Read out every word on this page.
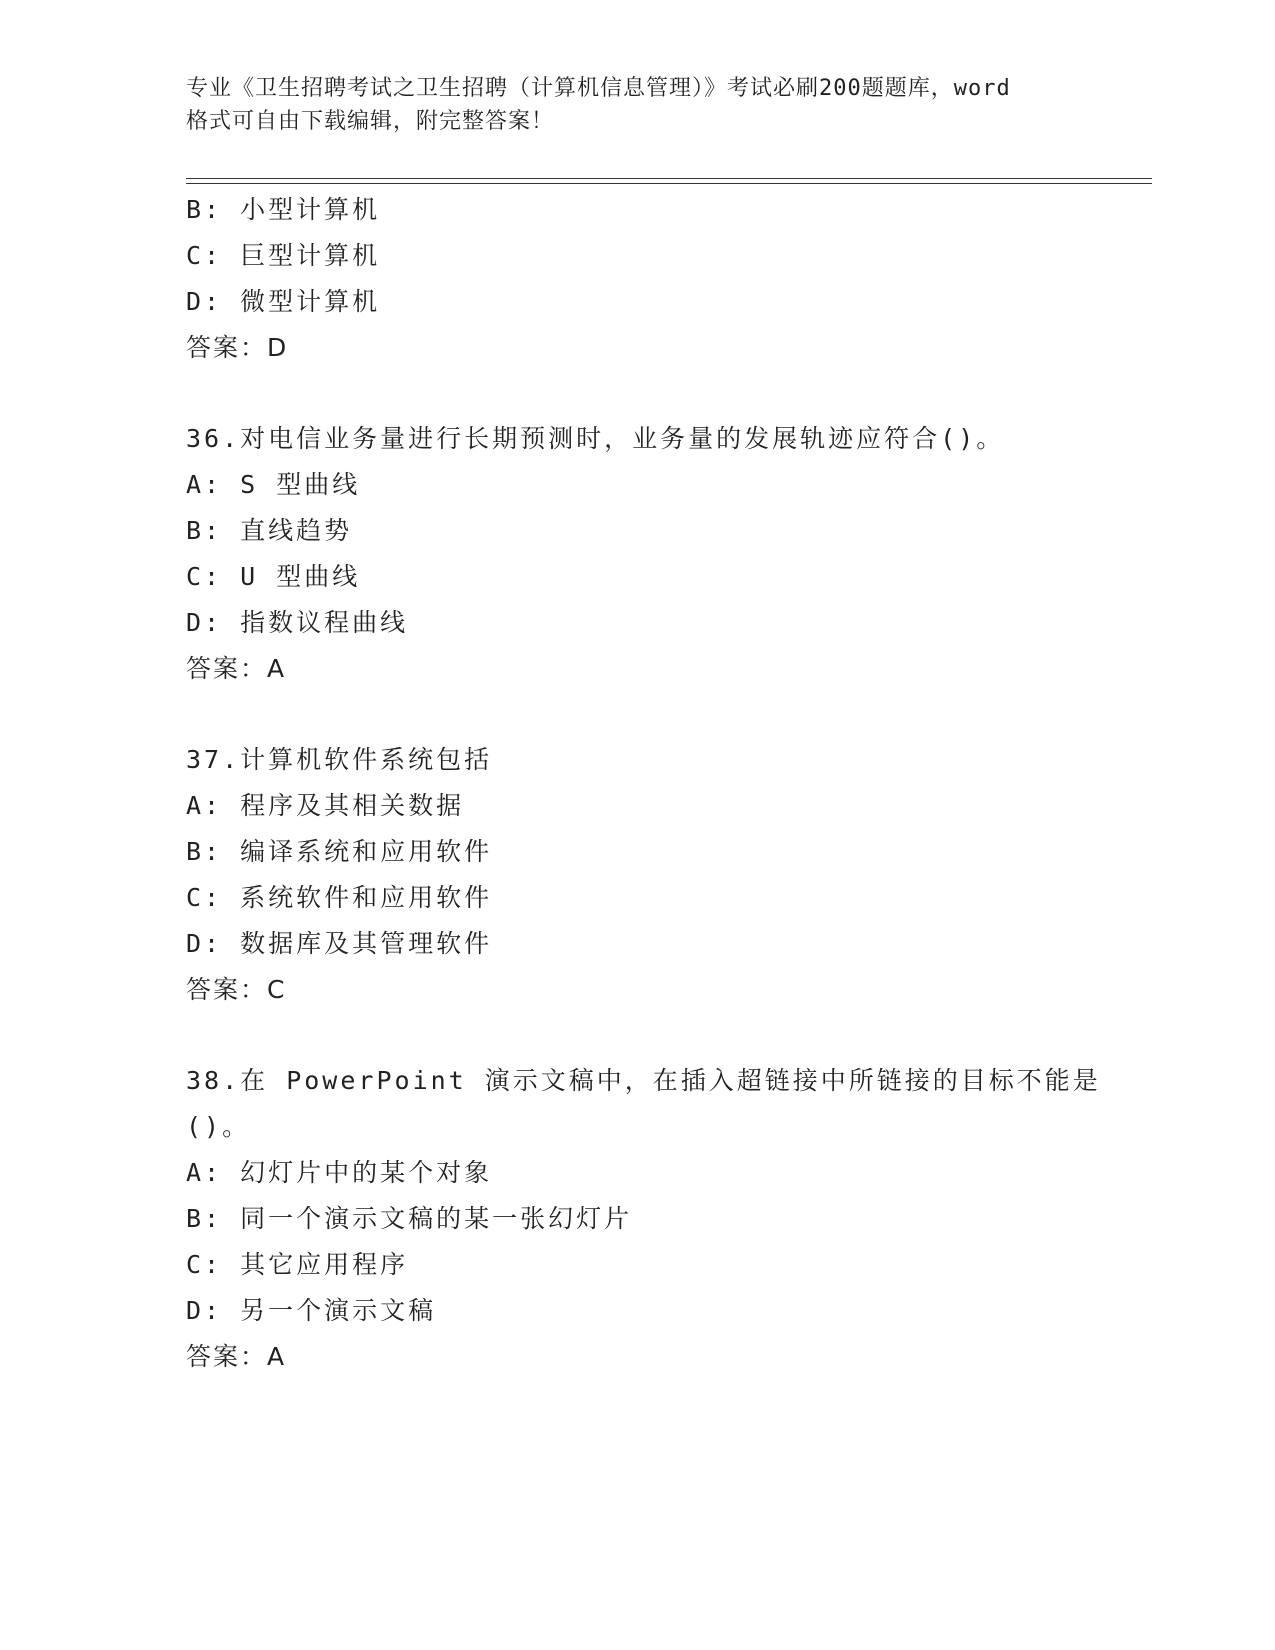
专业《卫生招聘考试之卫生招聘（计算机信息管理）》考试必刷200题题库，word
格式可自由下载编辑，附完整答案！
B: 小型计算机
C: 巨型计算机
D: 微型计算机
答案：D
36.对电信业务量进行长期预测时，业务量的发展轨迹应符合()。
A: S 型曲线
B: 直线趋势
C: U 型曲线
D: 指数议程曲线
答案：A
37.计算机软件系统包括
A: 程序及其相关数据
B: 编译系统和应用软件
C: 系统软件和应用软件
D: 数据库及其管理软件
答案：C
38.在 PowerPoint 演示文稿中，在插入超链接中所链接的目标不能是
()。
A: 幻灯片中的某个对象
B: 同一个演示文稿的某一张幻灯片
C: 其它应用程序
D: 另一个演示文稿
答案：A
